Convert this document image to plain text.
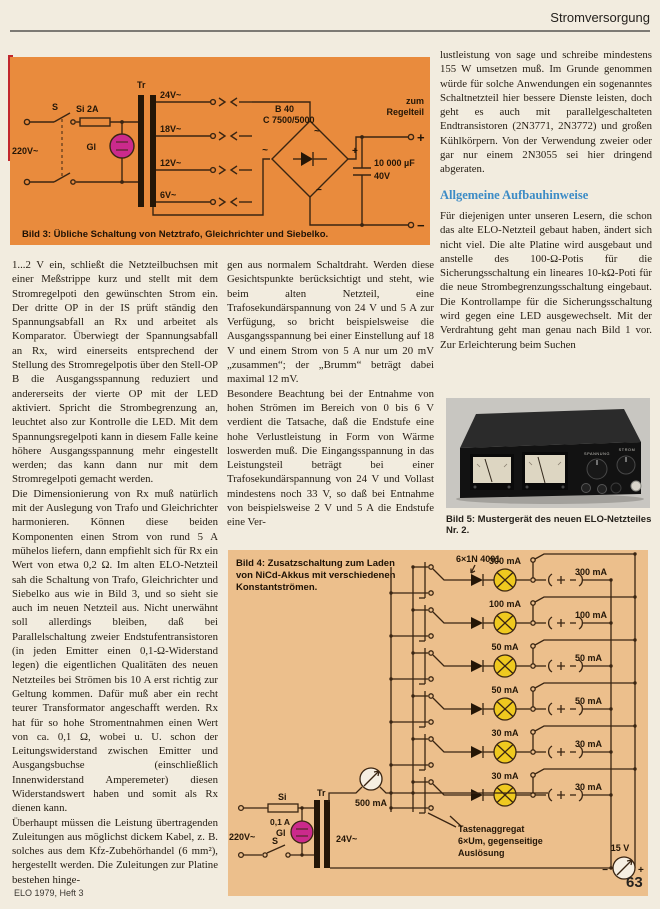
Stromversorgung
220V~
S Si 2A
Gl
Tr
24V~
18V~
12V~
6V~
B 40
C 7500/5000
~
~	+
−
10 000 µF
40V
zum
Regelteil
+
−
Bild 3: Übliche Schaltung von Netztrafo, Gleichrichter und Siebelko.

1...2 V ein, schließt die Netzteilbuchsen mit einer Meßstrippe kurz und stellt mit dem Stromregelpoti den gewünschten Strom ein. Der dritte OP in der IS prüft ständig den Spannungsabfall an Rx und arbeitet als Komparator. Überwiegt der Spannungsabfall an Rx, wird einerseits entsprechend der Stellung des Stromregelpotis über den Stell-OP B die Ausgangsspannung reduziert und andererseits der vierte OP mit der LED aktiviert. Spricht die Strombegrenzung an, leuchtet also zur Kontrolle die LED. Mit dem Spannungsregelpoti kann in diesem Falle keine höhere Ausgangsspannung mehr eingestellt werden; das kann dann nur mit dem Stromregelpoti gemacht werden.

Die Dimensionierung von Rx muß natürlich mit der Auslegung von Trafo und Gleichrichter harmonieren. Können diese beiden Komponenten einen Strom von rund 5 A mühelos liefern, dann empfiehlt sich für Rx ein Wert von etwa 0,2 Ω. Im alten ELO-Netzteil sah die Schaltung von Trafo, Gleichrichter und Siebelko aus wie in Bild 3, und so sieht sie auch im neuen Netzteil aus. Nicht unerwähnt soll allerdings bleiben, daß bei Parallelschaltung zweier Endstufentransistoren (in jeden Emitter einen 0,1-Ω-Widerstand legen) die eigentlichen Qualitäten des neuen Netzteiles bei Strömen bis 10 A erst richtig zur Geltung kommen. Dafür muß aber ein recht teurer Transformator angeschafft werden. Rx hat für so hohe Stromentnahmen einen Wert von ca. 0,1 Ω, wobei u. U. schon der Leitungswiderstand zwischen Emitter und Ausgangsbuchse (einschließlich Innenwiderstand Amperemeter) diesen Widerstandswert haben und somit als Rx dienen kann.

Überhaupt müssen die Leistung übertragenden Zuleitungen aus möglichst dickem Kabel, z. B. solches aus dem Kfz-Zubehörhandel (6 mm²), hergestellt werden. Die Zuleitungen zur Platine bestehen hinge-

gen aus normalem Schaltdraht. Werden diese Gesichtspunkte berücksichtigt und steht, wie beim alten Netzteil, eine Trafosekundärspannung von 24 V und 5 A zur Verfügung, so bricht beispielsweise die Ausgangsspannung bei einer Einstellung auf 18 V und einem Strom von 5 A nur um 20 mV „zusammen“; der „Brumm“ beträgt dabei maximal 12 mV.

Besondere Beachtung bei der Entnahme von hohen Strömen im Bereich von 0 bis 6 V verdient die Tatsache, daß die Endstufe eine hohe Verlustleistung in Form von Wärme loswerden muß. Die Eingangsspannung in das Leistungsteil beträgt bei einer Trafosekundärspannung von 24 V und Vollast mindestens noch 33 V, so daß bei Entnahme von beispielsweise 2 V und 5 A die Endstufe eine Ver-

lustleistung von sage und schreibe mindestens 155 W umsetzen muß. Im Grunde genommen würde für solche Anwendungen ein sogenanntes Schaltnetzteil hier bessere Dienste leisten, doch geht es auch mit parallelgeschalteten Endtransistoren (2N3771, 2N3772) und großen Kühlkörpern. Von der Verwendung zweier oder gar nur einem 2N3055 sei hier dringend abgeraten.

Allgemeine Aufbauhinweise

Für diejenigen unter unseren Lesern, die schon das alte ELO-Netzteil gebaut haben, ändert sich nicht viel. Die alte Platine wird ausgebaut und anstelle des 100-Ω-Potis für die Sicherungsschaltung ein lineares 10-kΩ-Poti für die neue Strombegrenzungsschaltung eingebaut. Die Kontrollampe für die Sicherungsschaltung wird gegen eine LED ausgewechselt. Mit der Verdrahtung geht man genau nach Bild 1 vor. Zur Erleichterung beim Suchen

SPANNUNG
STROM
Bild 5: Mustergerät des neuen ELO-Netzteiles Nr. 2.
Bild 4: Zusatzschaltung zum Laden
von NiCd-Akkus mit verschiedenen
Konstantströmen.
6×1N 4001
300 mA
100 mA
50 mA
50 mA
30 mA
30 mA
300 mA
100 mA
50 mA
50 mA
30 mA
30 mA
Tastenaggregat
6×Um, gegenseitige
Auslösung
500 mA
15 V
−	+
220V~
Si
0,1 A
Gl
S
Tr
24V~
ELO 1979, Heft 3
63
